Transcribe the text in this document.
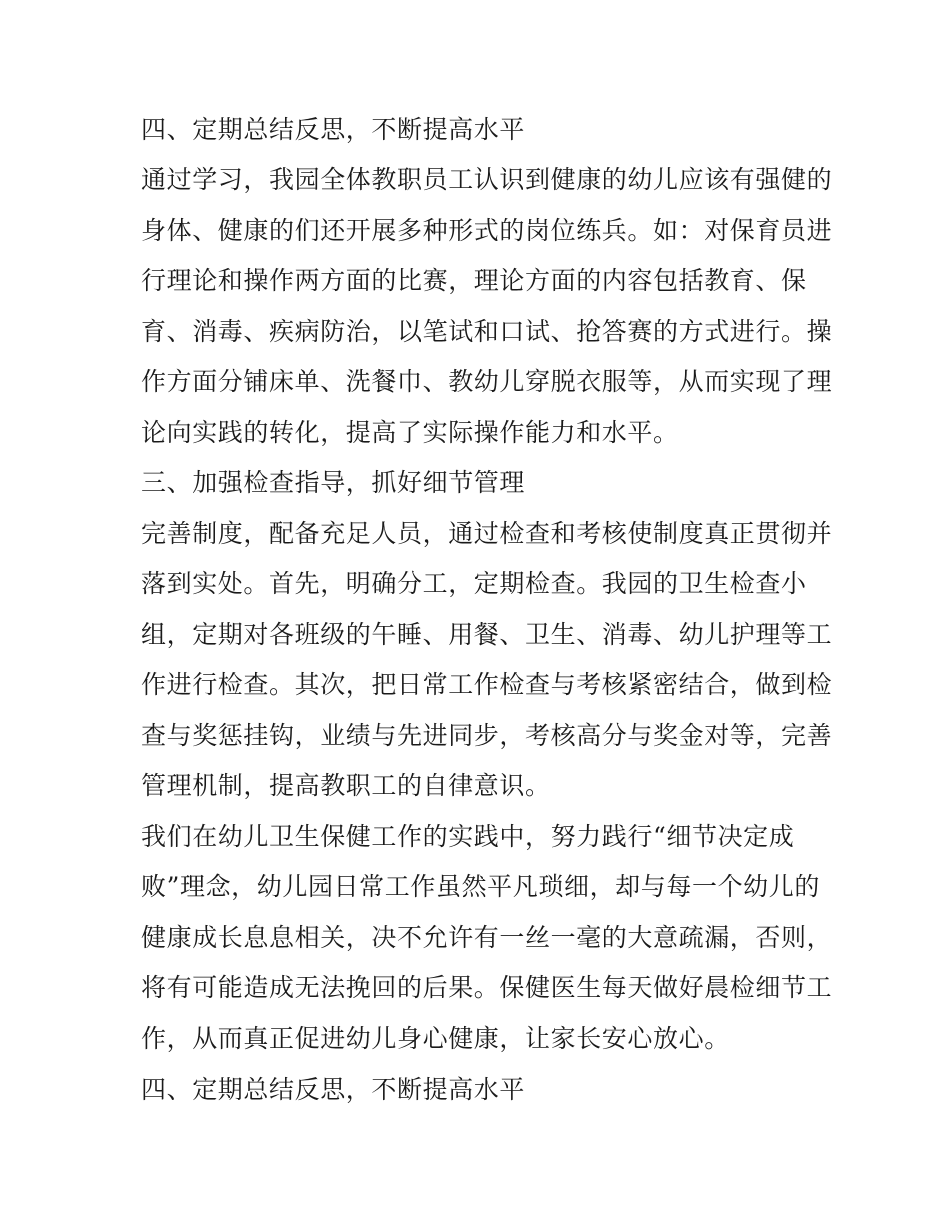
四、定期总结反思，不断提高水平
通过学习，我园全体教职员工认识到健康的幼儿应该有强健的
身体、健康的们还开展多种形式的岗位练兵。如：对保育员进
行理论和操作两方面的比赛，理论方面的内容包括教育、保
育、消毒、疾病防治，以笔试和口试、抢答赛的方式进行。操
作方面分铺床单、洗餐巾、教幼儿穿脱衣服等，从而实现了理
论向实践的转化，提高了实际操作能力和水平。
三、加强检查指导，抓好细节管理
完善制度，配备充足人员，通过检查和考核使制度真正贯彻并
落到实处。首先，明确分工，定期检查。我园的卫生检查小
组，定期对各班级的午睡、用餐、卫生、消毒、幼儿护理等工
作进行检查。其次，把日常工作检查与考核紧密结合，做到检
查与奖惩挂钩，业绩与先进同步，考核高分与奖金对等，完善
管理机制，提高教职工的自律意识。
我们在幼儿卫生保健工作的实践中，努力践行“细节决定成
败”理念，幼儿园日常工作虽然平凡琐细，却与每一个幼儿的
健康成长息息相关，决不允许有一丝一毫的大意疏漏，否则，
将有可能造成无法挽回的后果。保健医生每天做好晨检细节工
作，从而真正促进幼儿身心健康，让家长安心放心。
四、定期总结反思，不断提高水平
